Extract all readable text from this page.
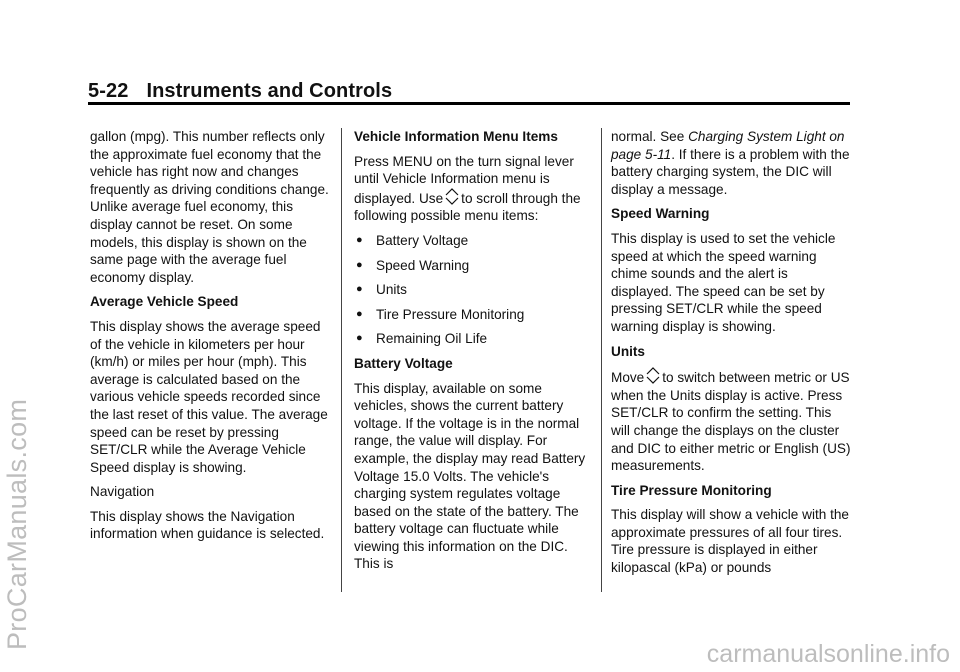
5-22 Instruments and Controls

gallon (mpg). This number reflects only the approximate fuel economy that the vehicle has right now and changes frequently as driving conditions change. Unlike average fuel economy, this display cannot be reset. On some models, this display is shown on the same page with the average fuel economy display.

Average Vehicle Speed

This display shows the average speed of the vehicle in kilometers per hour (km/h) or miles per hour (mph). This average is calculated based on the various vehicle speeds recorded since the last reset of this value. The average speed can be reset by pressing SET/CLR while the Average Vehicle Speed display is showing.

Navigation

This display shows the Navigation information when guidance is selected.

Vehicle Information Menu Items

Press MENU on the turn signal lever until Vehicle Information menu is displayed. Use to scroll through the following possible menu items:

● Battery Voltage
● Speed Warning
● Units
● Tire Pressure Monitoring
● Remaining Oil Life

Battery Voltage

This display, available on some vehicles, shows the current battery voltage. If the voltage is in the normal range, the value will display. For example, the display may read Battery Voltage 15.0 Volts. The vehicle's charging system regulates voltage based on the state of the battery. The battery voltage can fluctuate while viewing this information on the DIC. This is

normal. See Charging System Light on page 5-11. If there is a problem with the battery charging system, the DIC will display a message.

Speed Warning

This display is used to set the vehicle speed at which the speed warning chime sounds and the alert is displayed. The speed can be set by pressing SET/CLR while the speed warning display is showing.

Units

Move to switch between metric or US when the Units display is active. Press SET/CLR to confirm the setting. This will change the displays on the cluster and DIC to either metric or English (US) measurements.

Tire Pressure Monitoring

This display will show a vehicle with the approximate pressures of all four tires. Tire pressure is displayed in either kilopascal (kPa) or pounds

ProCarManuals.com
carmanualsonline.info
